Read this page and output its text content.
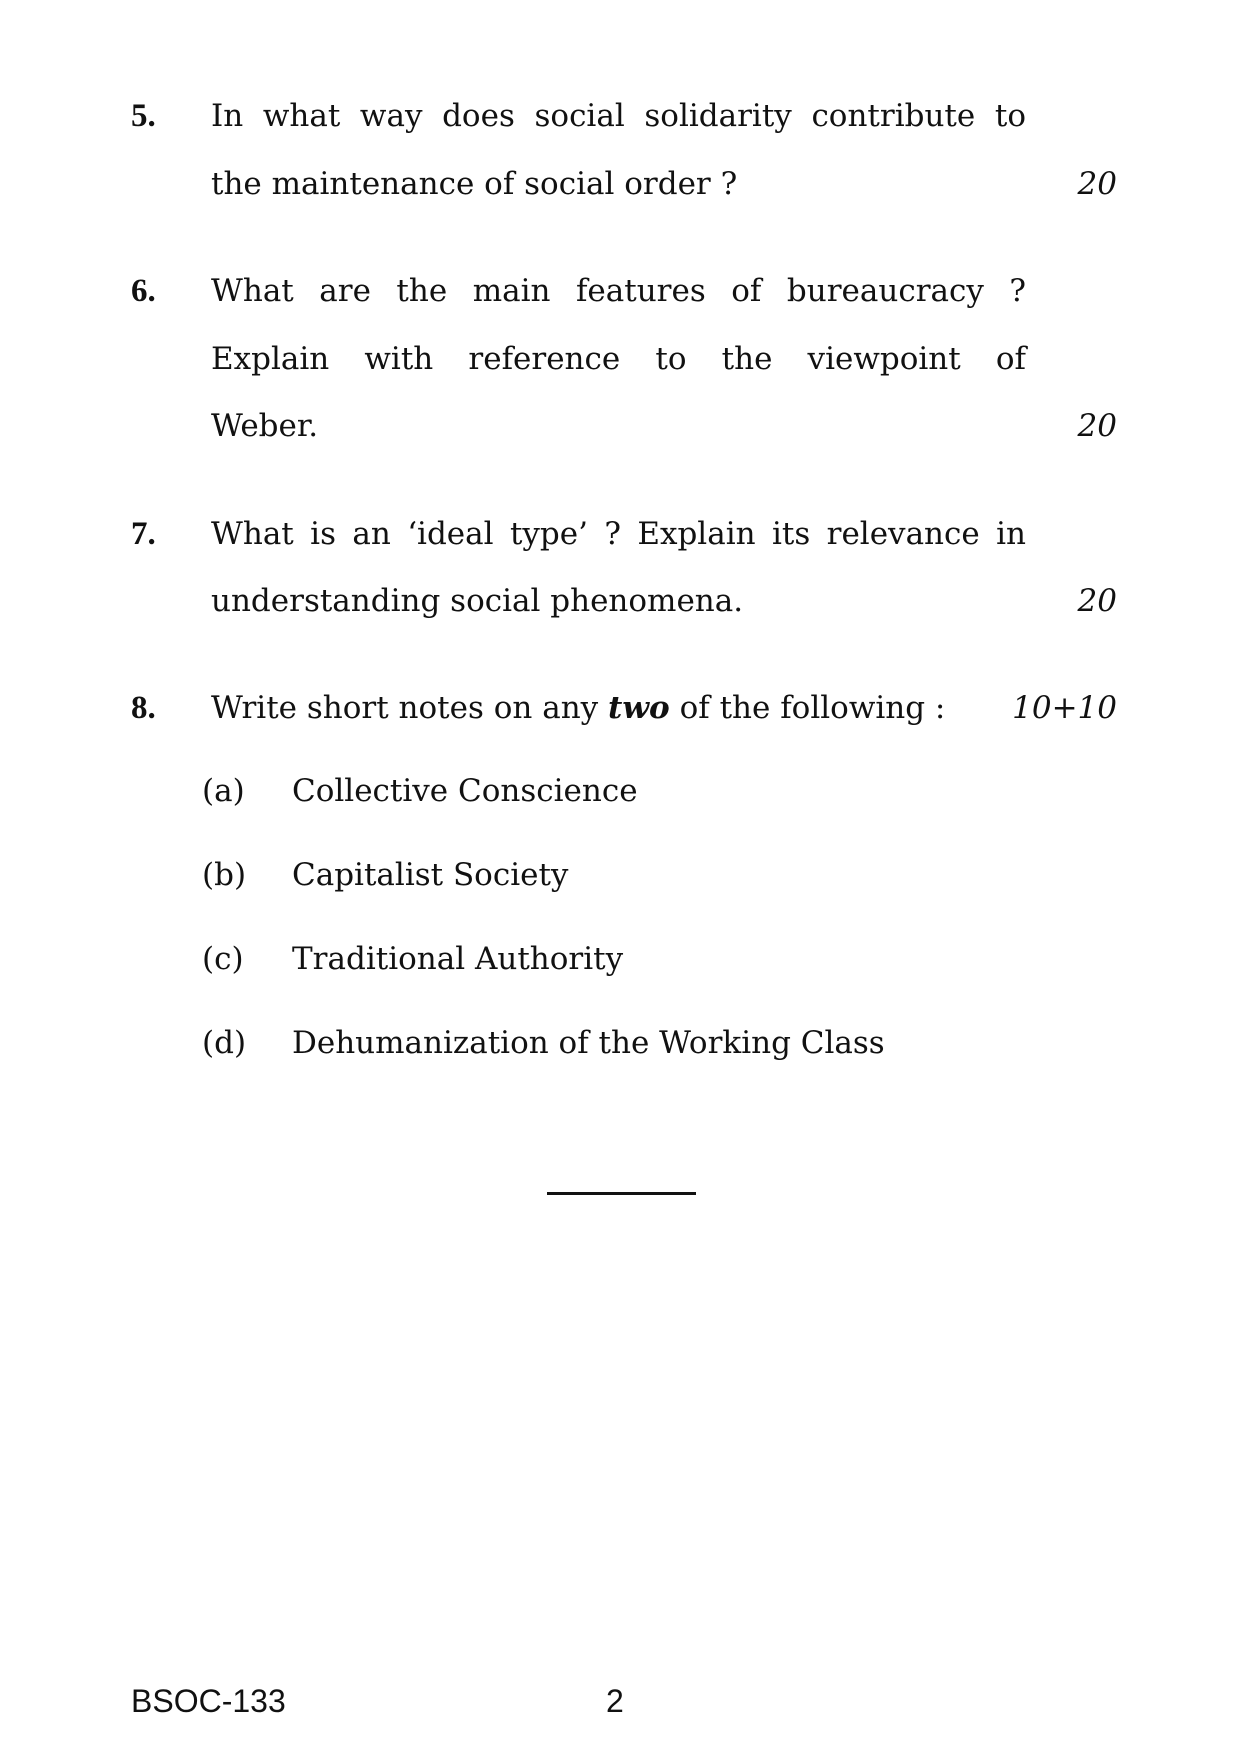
5. In what way does social solidarity contribute to
the maintenance of social order ?	20
6. What are the main features of bureaucracy ?
Explain with reference to the viewpoint of
Weber.	20
7. What is an ‘ideal type’ ? Explain its relevance in
understanding social phenomena.	20
8. Write short notes on any two of the following : 10+10
(a) Collective Conscience
(b) Capitalist Society
(c) Traditional Authority
(d) Dehumanization of the Working Class
BSOC-133	2
